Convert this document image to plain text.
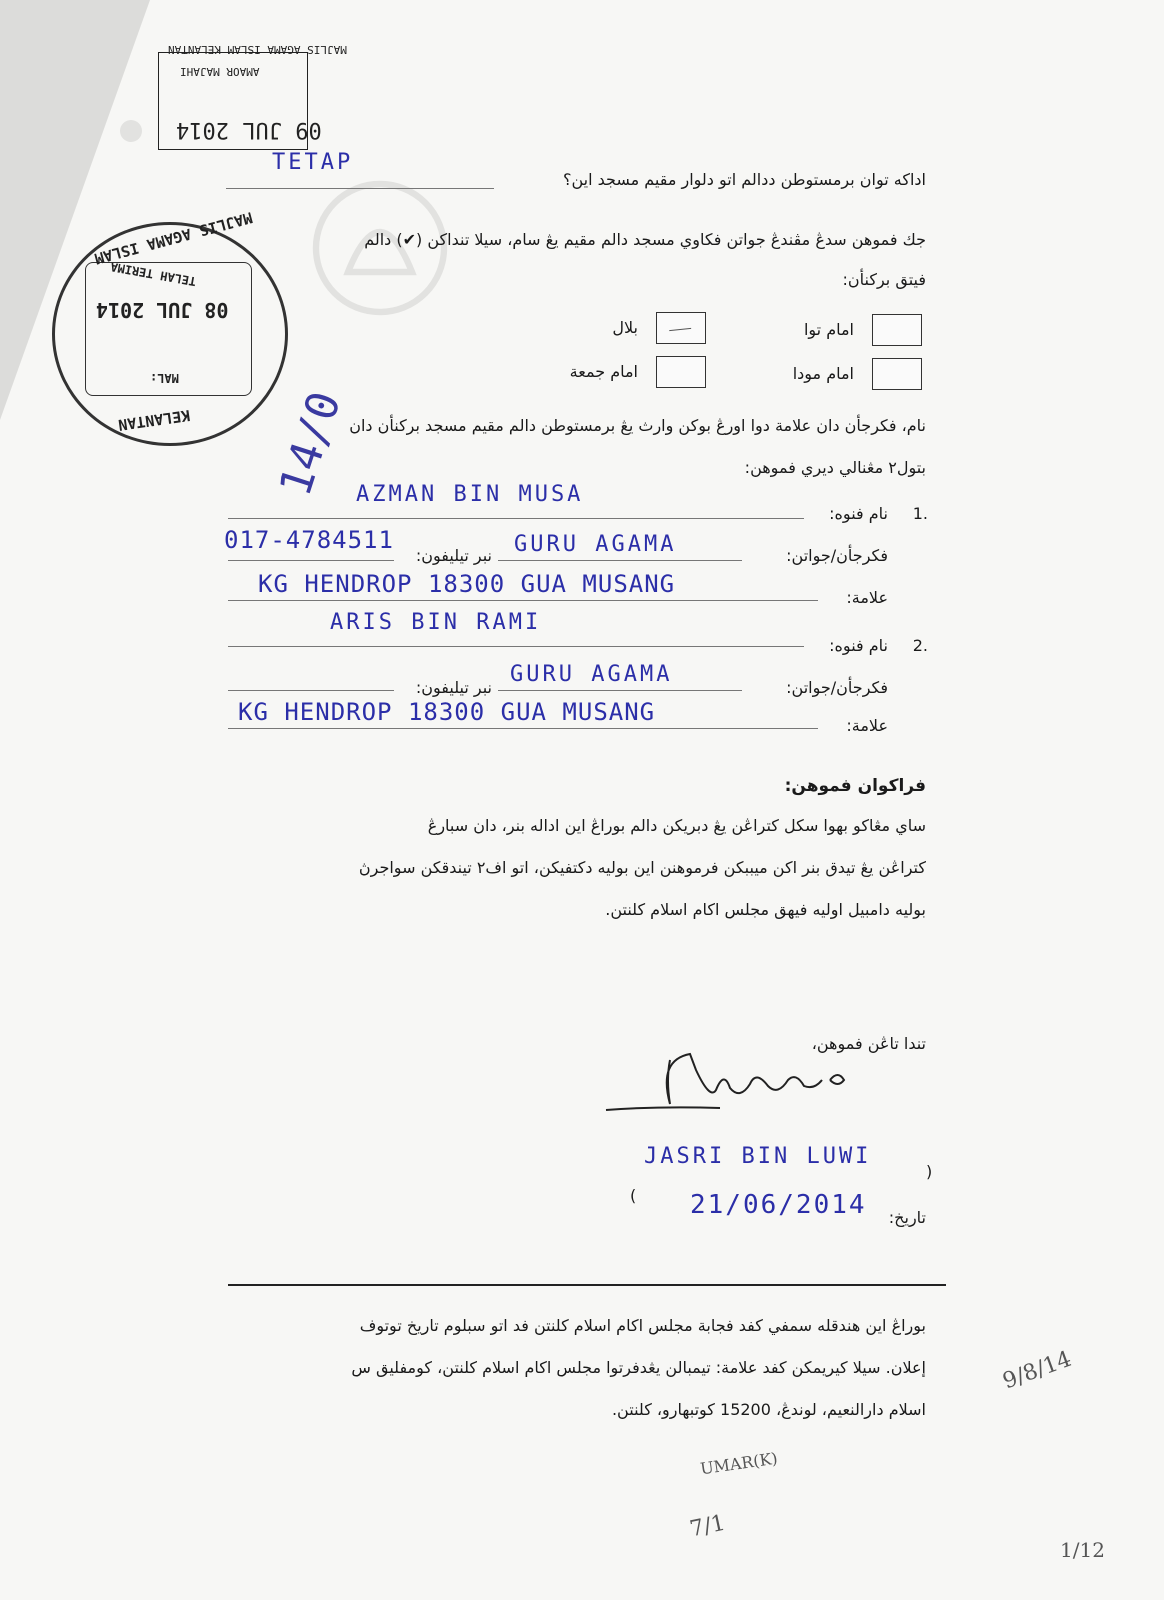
MAJLIS AGAMA ISLAM KELANTAN
AMAOR MAJAHI
09 JUL 2014
MAJLIS AGAMA ISLAM
KELANTAN
TELAH TERIMA
08 JUL 2014
MAL:
14/0
اداكه توان برمستوطن ددالم اتو دلوار مقيم مسجد اين؟
TETAP
جك فموهن سدڠ مڤندڠ جواتن فكاوي مسجد دالم مقيم يڠ سام، سيلا تنداكن (✔) دالم
فيتق بركنأن:
امام توا
بلال
امام مودا
امام جمعة
نام، فكرجأن دان علامة دوا اورڠ بوكن وارث يڠ برمستوطن دالم مقيم مسجد بركنأن دان
بتول٢ مڠنالي ديري فموهن:
.1
نام فنوه:
AZMAN BIN MUSA
فكرجأن/جواتن:
GURU AGAMA
نبر تيليفون:
017-4784511
علامة:
KG HENDROP 18300 GUA MUSANG
.2
نام فنوه:
ARIS BIN RAMI
فكرجأن/جواتن:
GURU AGAMA
نبر تيليفون:
علامة:
KG HENDROP 18300 GUA MUSANG
فراكوان فموهن:
ساي مڠاكو بهوا سكل كتراڠن يڠ دبريكن دالم بوراڠ اين اداله بنر، دان سبارڠ
كتراڠن يڠ تيدق بنر اكن ميببكن فرموهنن اين بوليه دكتفيكن، اتو اف٢ تيندقكن سواجرڽ
بوليه دامبيل اوليه فيهق مجلس اكام اسلام كلنتن.
تندا تاڠن فموهن،
)
JASRI BIN LUWI
(
تاريخ:
21/06/2014
بوراڠ اين هندقله سمفي كفد فجابة مجلس اكام اسلام كلنتن فد اتو سبلوم تاريخ توتوف
إعلان. سيلا كيريمكن كفد علامة: تيمبالن يڠدفرتوا مجلس اكام اسلام كلنتن، كومفليق س
اسلام دارالنعيم، لوندڠ، 15200 كوتبهارو، كلنتن.
9/8/14
1/12
7/1
UMAR(K)
